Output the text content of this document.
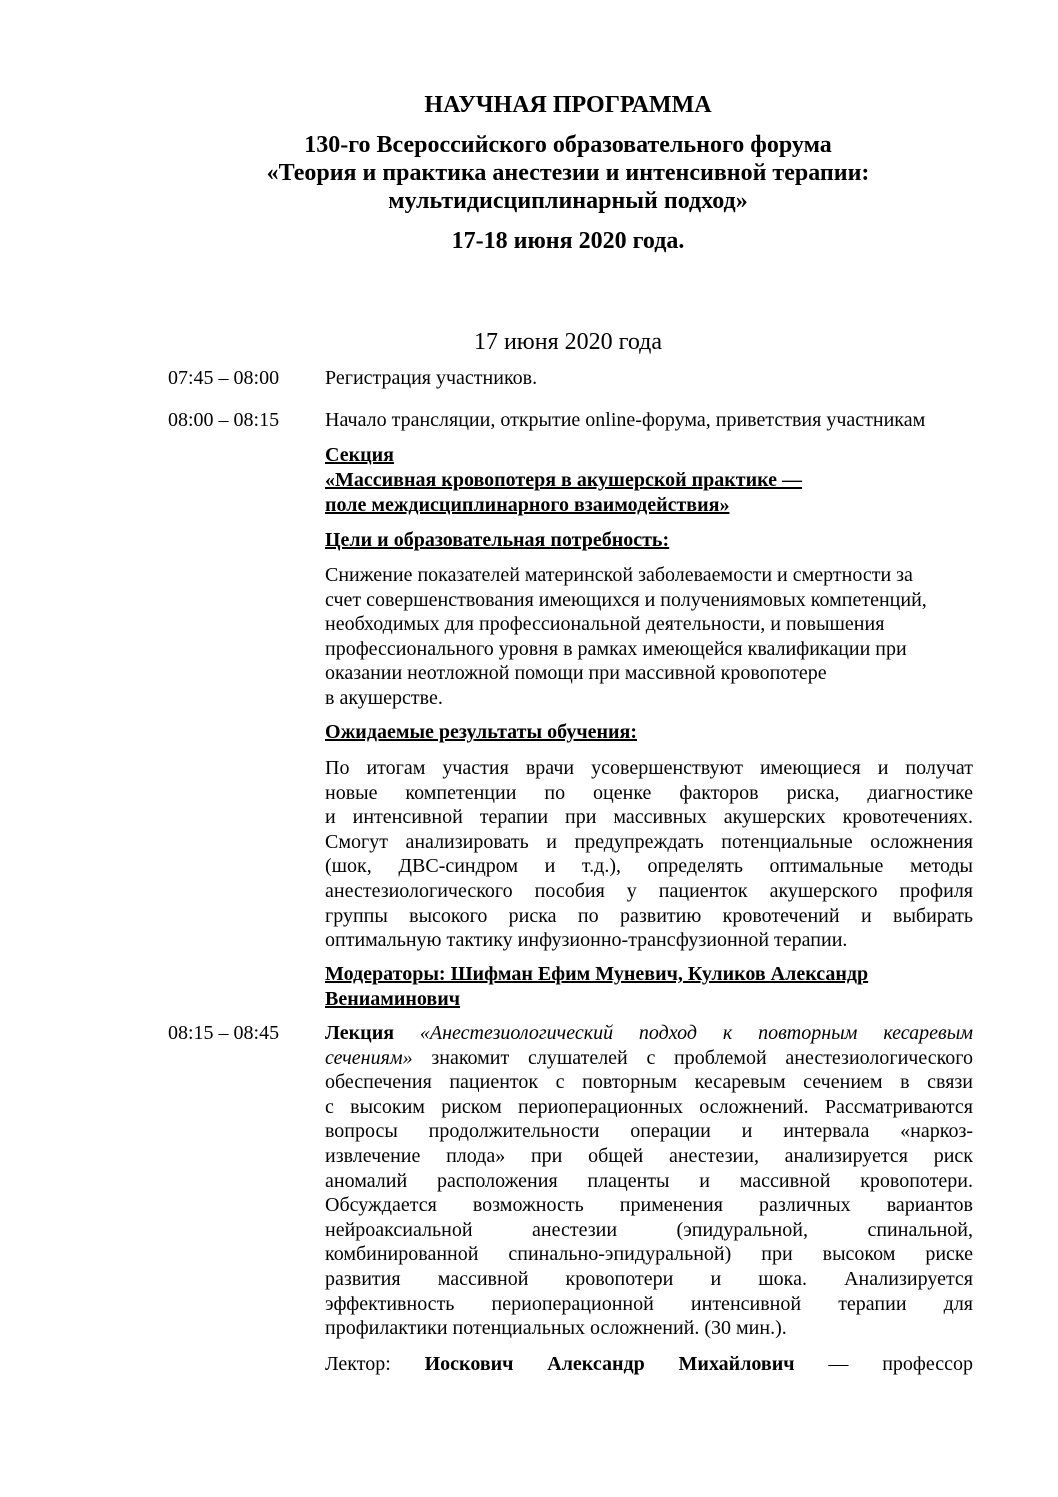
НАУЧНАЯ ПРОГРАММА
130-го Всероссийского образовательного форума
«Теория и практика анестезии и интенсивной терапии:
мультидисциплинарный подход»
17-18 июня 2020 года.
17 июня 2020 года
07:45 – 08:00 Регистрация участников.
08:00 – 08:15 Начало трансляции, открытие online-форума, приветствия участникам
Секция
«Массивная кровопотеря в акушерской практике —
поле междисциплинарного взаимодействия»
Цели и образовательная потребность:
Снижение показателей материнской заболеваемости и смертности за
счет совершенствования имеющихся и получениямовых компетенций,
необходимых для профессиональной деятельности, и повышения
профессионального уровня в рамках имеющейся квалификации при
оказании неотложной помощи при массивной кровопотере
в акушерстве.
Ожидаемые результаты обучения:
По итогам участия врачи усовершенствуют имеющиеся и получат
новые компетенции по оценке факторов риска, диагностике
и интенсивной терапии при массивных акушерских кровотечениях.
Смогут анализировать и предупреждать потенциальные осложнения
(шок, ДВС-синдром и т.д.), определять оптимальные методы
анестезиологического пособия у пациенток акушерского профиля
группы высокого риска по развитию кровотечений и выбирать
оптимальную тактику инфузионно-трансфузионной терапии.
Модераторы: Шифман Ефим Муневич, Куликов Александр
Вениаминович
08:15 – 08:45 Лекция «Анестезиологический подход к повторным кесаревым
сечениям» знакомит слушателей с проблемой анестезиологического
обеспечения пациенток с повторным кесаревым сечением в связи
с высоким риском периоперационных осложнений. Рассматриваются
вопросы продолжительности операции и интервала «наркоз-
извлечение плода» при общей анестезии, анализируется риск
аномалий расположения плаценты и массивной кровопотери.
Обсуждается возможность применения различных вариантов
нейроаксиальной анестезии (эпидуральной, спинальной,
комбинированной спинально-эпидуральной) при высоком риске
развития массивной кровопотери и шока. Анализируется
эффективность периоперационной интенсивной терапии для
профилактики потенциальных осложнений. (30 мин.).
Лектор: Иоскович Александр Михайлович — профессор
